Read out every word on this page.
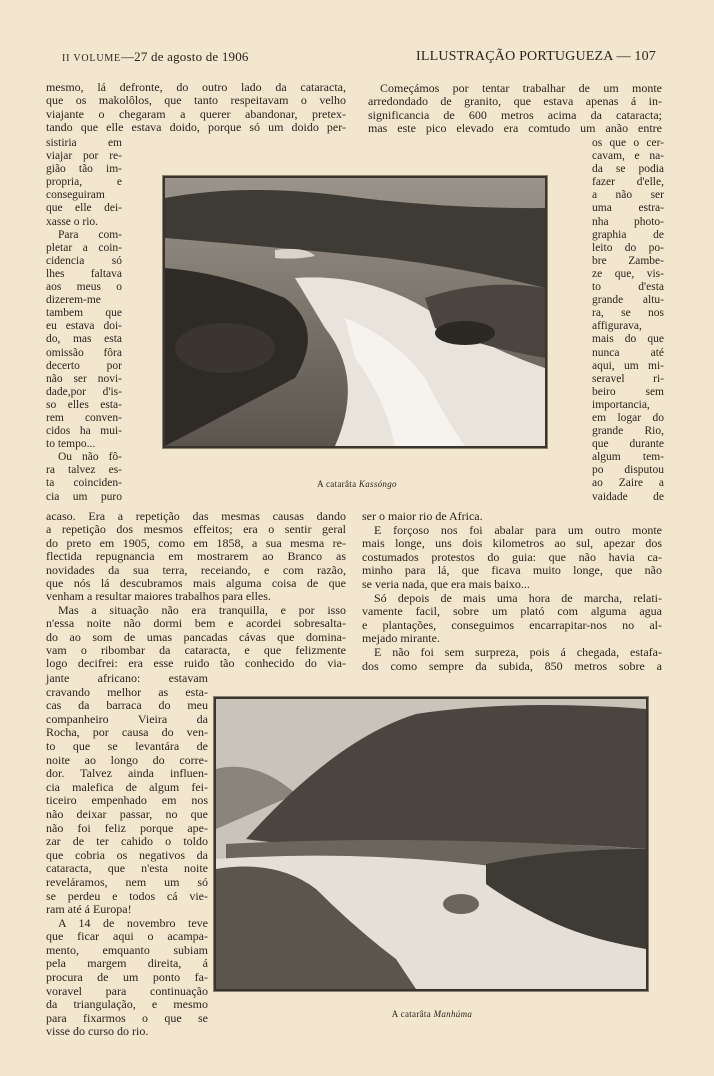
II VOLUME—27 de agosto de 1906	ILLUSTRAÇÃO PORTUGUEZA — 107
mesmo, lá defronte, do outro lado da cataracta,
que os makolôlos, que tanto respeitavam o velho
viajante o chegaram a querer abandonar, pretex-
tando que elle estava doido, porque só um doido per-
sistiria em
viajar por re-
gião tão im-
propria, e
conseguiram
que elle dei-
xasse o rio.
Para com-
pletar a coin-
cidencia só
lhes faltava
aos meus o
dizerem-me
tambem que
eu estava doi-
do, mas esta
omissão fôra
decerto por
não ser novi-
dade,por d'is-
so elles esta-
rem conven-
cidos ha mui-
to tempo...
Ou não fô-
ra talvez es-
ta coinciden-
cia um puro
acaso. Era a repetição das mesmas causas dando
a repetição dos mesmos effeitos; era o sentir geral
do preto em 1905, como em 1858, a sua mesma re-
flectida repugnancia em mostrarem ao Branco as
novidades da sua terra, receiando, e com razão,
que nós lá descubramos mais alguma coisa de que
venham a resultar maiores trabalhos para elles.
Mas a situação não era tranquilla, e por isso
n'essa noite não dormi bem e acordei sobresalta-
do ao som de umas pancadas cávas que domina-
vam o ribombar da cataracta, e que felizmente
logo decifrei: era esse ruido tão conhecido do via-
jante africano: estavam
cravando melhor as esta-
cas da barraca do meu
companheiro Vieira da
Rocha, por causa do ven-
to que se levantára de
noite ao longo do corre-
dor. Talvez ainda influen-
cia malefica de algum fei-
ticeiro empenhado em nos
não deixar passar, no que
não foi feliz porque ape-
zar de ter cahido o toldo
que cobria os negativos da
cataracta, que n'esta noite
reveláramos, nem um só
se perdeu e todos cá vie-
ram até á Europa!
A 14 de novembro teve
que ficar aqui o acampa-
mento, emquanto subiam
pela margem direita, á
procura de um ponto fa-
voravel para continuação
da triangulação, e mesmo
para fixarmos o que se
visse do curso do rio.
Começámos por tentar trabalhar de um monte
arredondado de granito, que estava apenas á in-
significancia de 600 metros acima da cataracta;
mas este pico elevado era comtudo um anão entre
os que o cer-
cavam, e na-
da se podia
fazer d'elle,
a não ser
uma estra-
nha photo-
graphia de
leito do po-
bre Zambe-
ze que, vis-
to d'esta
grande altu-
ra, se nos
affigurava,
mais do que
nunca até
aqui, um mi-
seravel ri-
beiro sem
importancia,
em logar do
grande Rio,
que durante
algum tem-
po disputou
ao Zaire a
vaidade de
ser o maior rio de Africa.
E forçoso nos foi abalar para um outro monte
mais longe, uns dois kilometros ao sul, apezar dos
costumados protestos do guia: que não havia ca-
minho para lá, que ficava muito longe, que não
se veria nada, que era mais baixo...
Só depois de mais uma hora de marcha, relati-
vamente facil, sobre um plató com alguma agua
e plantações, conseguimos encarrapitar-nos no al-
mejado mirante.
E não foi sem surpreza, pois á chegada, estafa-
dos como sempre da subida, 850 metros sobre a
A catarâta Kassóngo
A catarâta Manhúma
